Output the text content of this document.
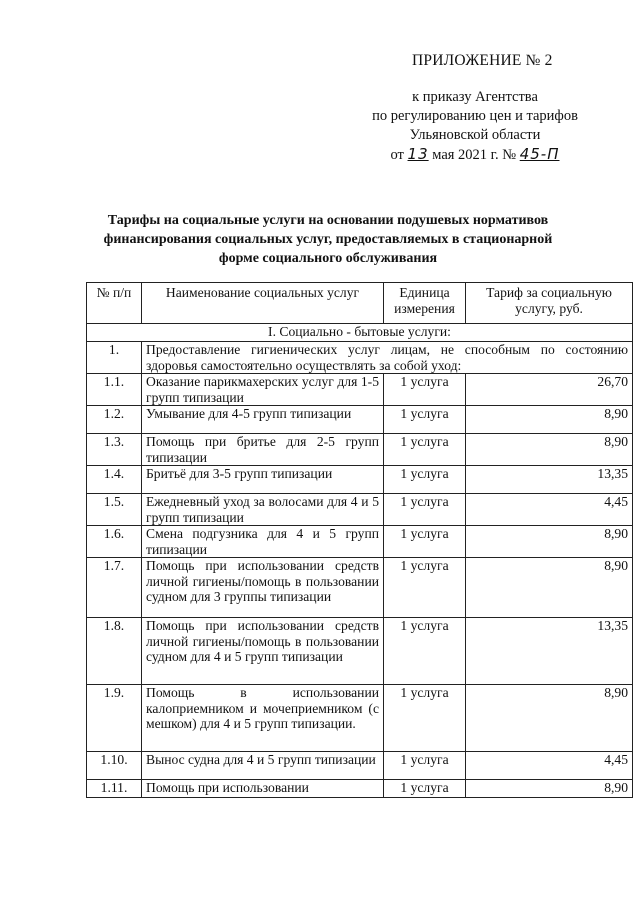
ПРИЛОЖЕНИЕ № 2
к приказу Агентства
по регулированию цен и тарифов
Ульяновской области
от 13 мая 2021 г. № 45-П
Тарифы на социальные услуги на основании подушевых нормативов
финансирования социальных услуг, предоставляемых в стационарной
форме социального обслуживания
№ п/п	Наименование социальных услуг	Единица измерения	Тариф за социальную услугу, руб.
I. Социально - бытовые услуги:			
1.	Предоставление гигиенических услуг лицам, не способным по состоянию здоровья самостоятельно осуществлять за собой уход:		
1.1.	Оказание парикмахерских услуг для 1-5 групп типизации	1 услуга	26,70
1.2.	Умывание для 4-5 групп типизации	1 услуга	8,90
1.3.	Помощь при бритье для 2-5 групп типизации	1 услуга	8,90
1.4.	Бритьё для 3-5 групп типизации	1 услуга	13,35
1.5.	Ежедневный уход за волосами для 4 и 5 групп типизации	1 услуга	4,45
1.6.	Смена подгузника для 4 и 5 групп типизации	1 услуга	8,90
1.7.	Помощь при использовании средств личной гигиены/помощь в пользовании судном для 3 группы типизации	1 услуга	8,90
1.8.	Помощь при использовании средств личной гигиены/помощь в пользовании судном для 4 и 5 групп типизации	1 услуга	13,35
1.9.	Помощь в использовании калоприемником и мочеприемником (с мешком) для 4 и 5 групп типизации.	1 услуга	8,90
1.10.	Вынос судна для 4 и 5 групп типизации	1 услуга	4,45
1.11.	Помощь при использовании	1 услуга	8,90
